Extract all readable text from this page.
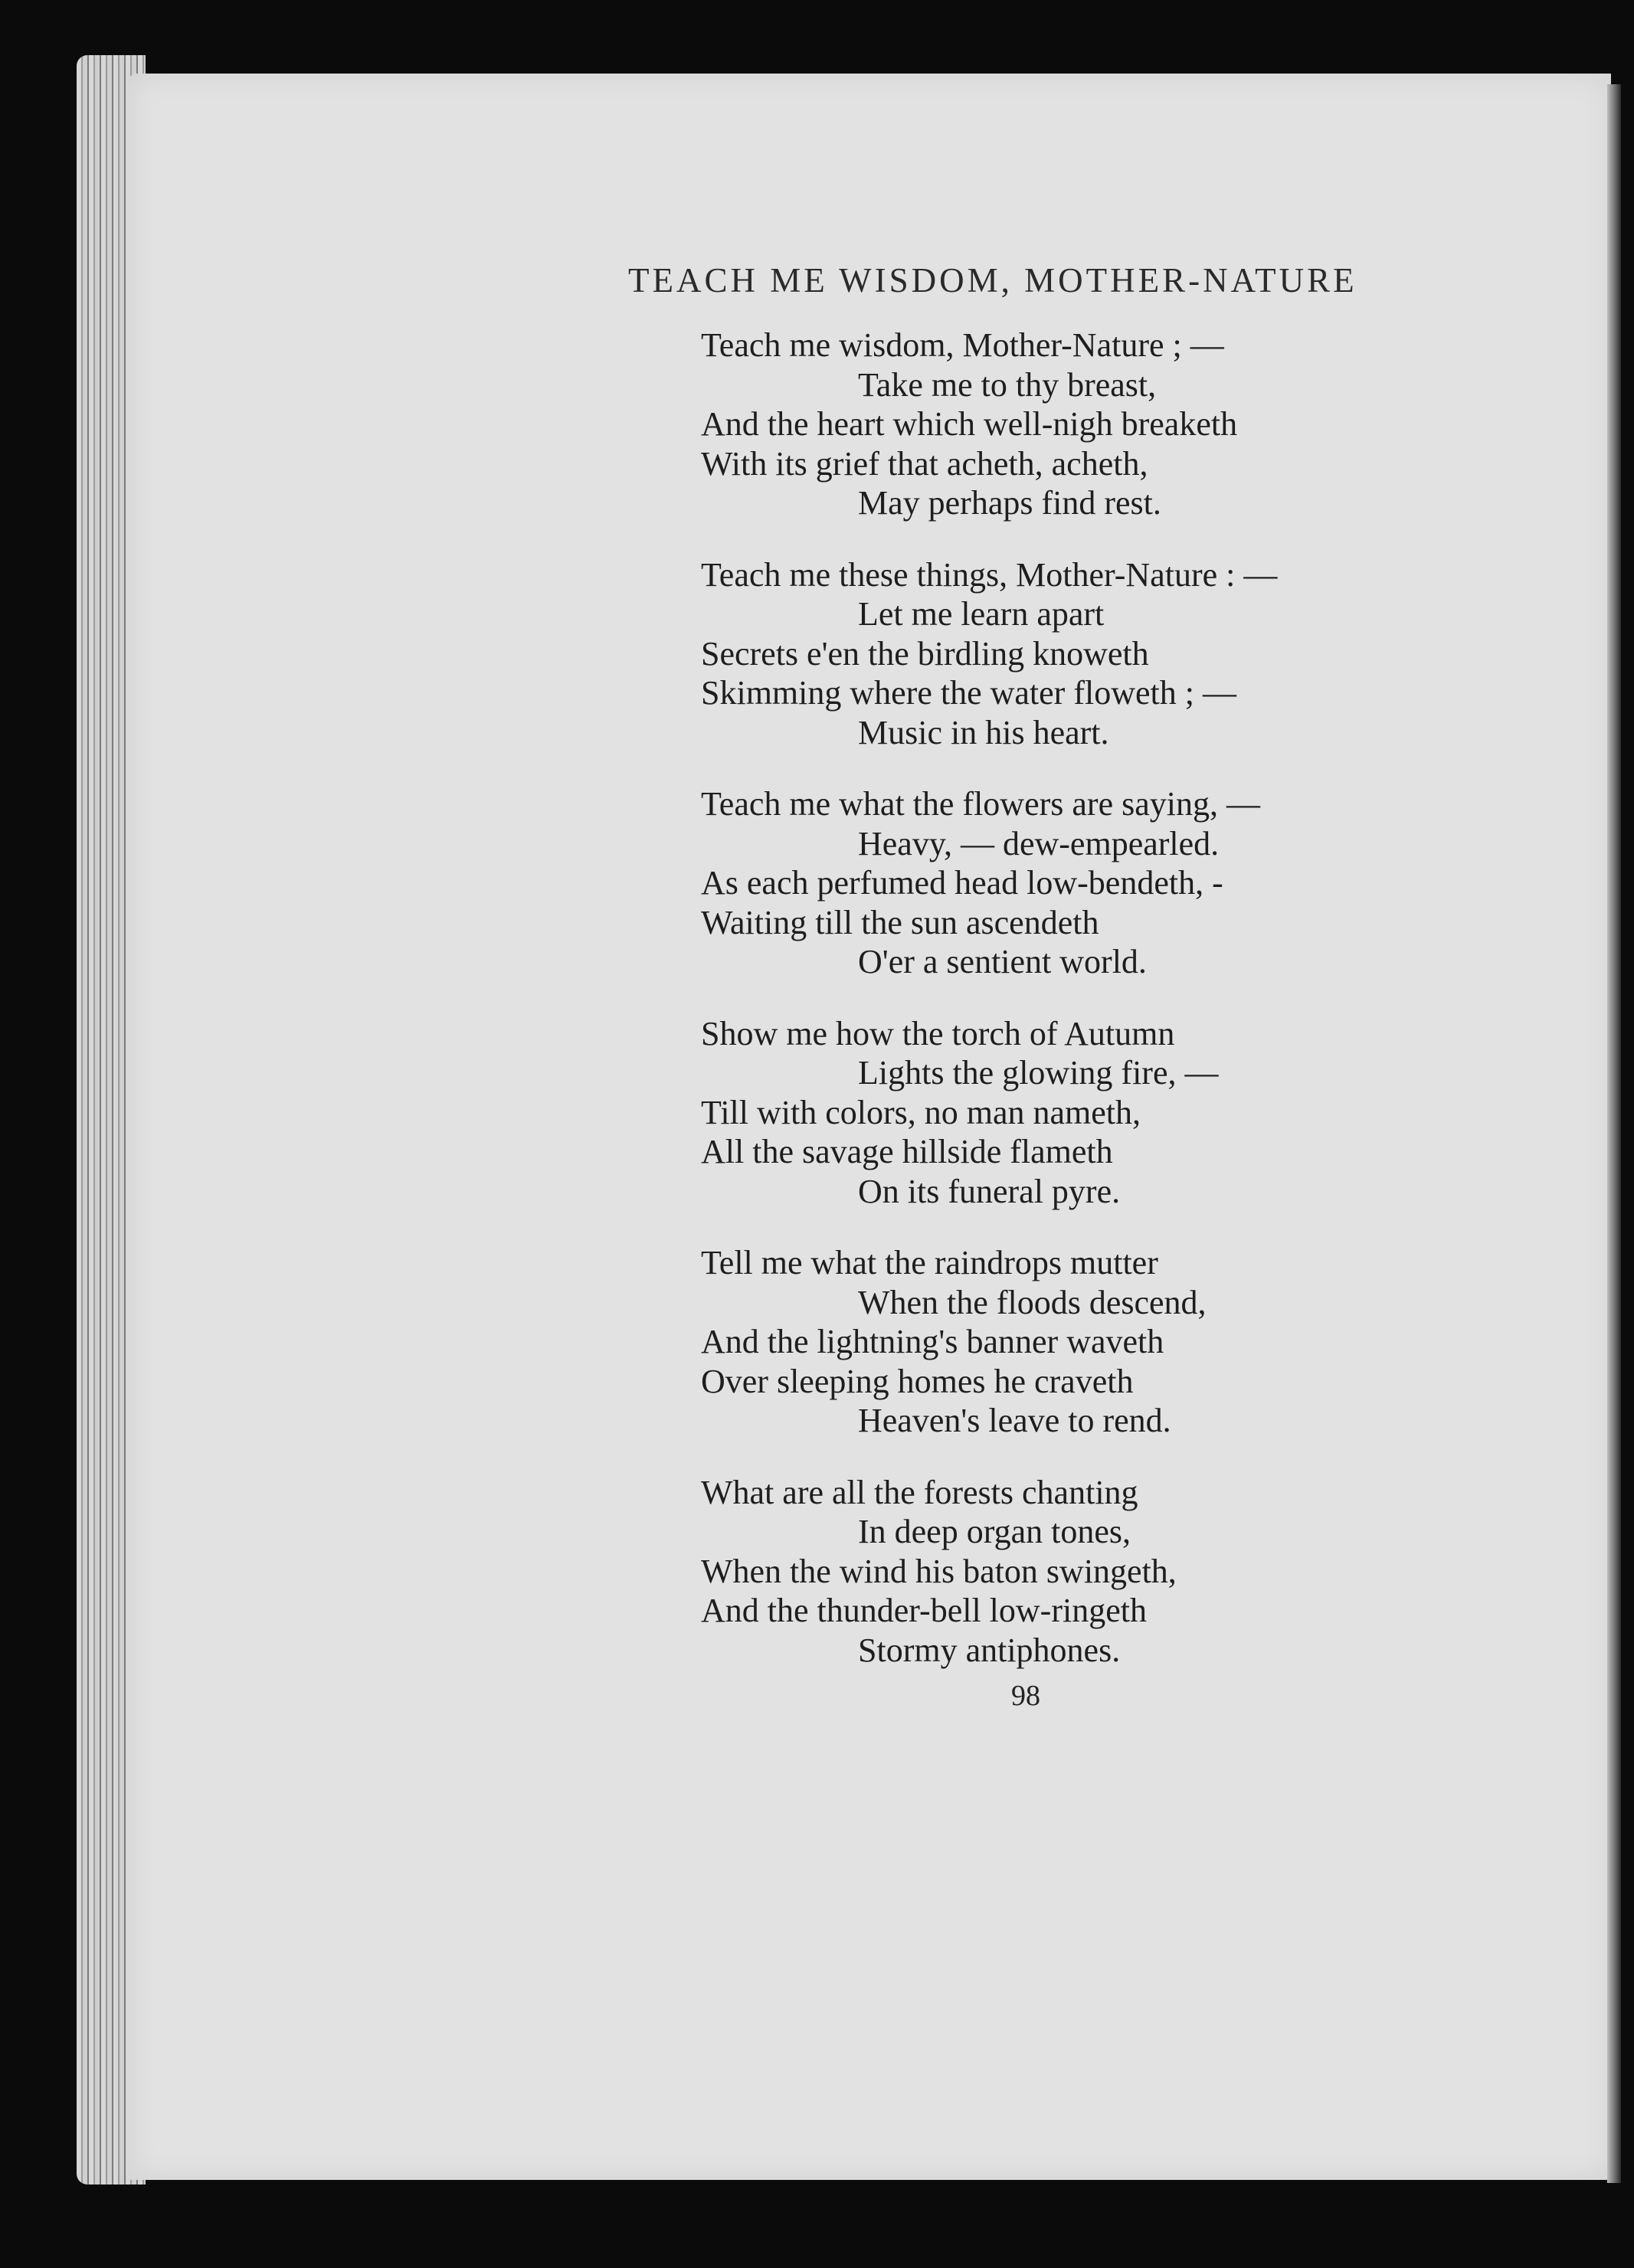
TEACH ME WISDOM, MOTHER-NATURE
Teach me wisdom, Mother-Nature ; —
Take me to thy breast,
And the heart which well-nigh breaketh
With its grief that acheth, acheth,
May perhaps find rest.
Teach me these things, Mother-Nature : —
Let me learn apart
Secrets e'en the birdling knoweth
Skimming where the water floweth ; —
Music in his heart.
Teach me what the flowers are saying, —
Heavy, — dew-empearled.
As each perfumed head low-bendeth, -
Waiting till the sun ascendeth
O'er a sentient world.
Show me how the torch of Autumn
Lights the glowing fire, —
Till with colors, no man nameth,
All the savage hillside flameth
On its funeral pyre.
Tell me what the raindrops mutter
When the floods descend,
And the lightning's banner waveth
Over sleeping homes he craveth
Heaven's leave to rend.
What are all the forests chanting
In deep organ tones,
When the wind his baton swingeth,
And the thunder-bell low-ringeth
Stormy antiphones.
98
